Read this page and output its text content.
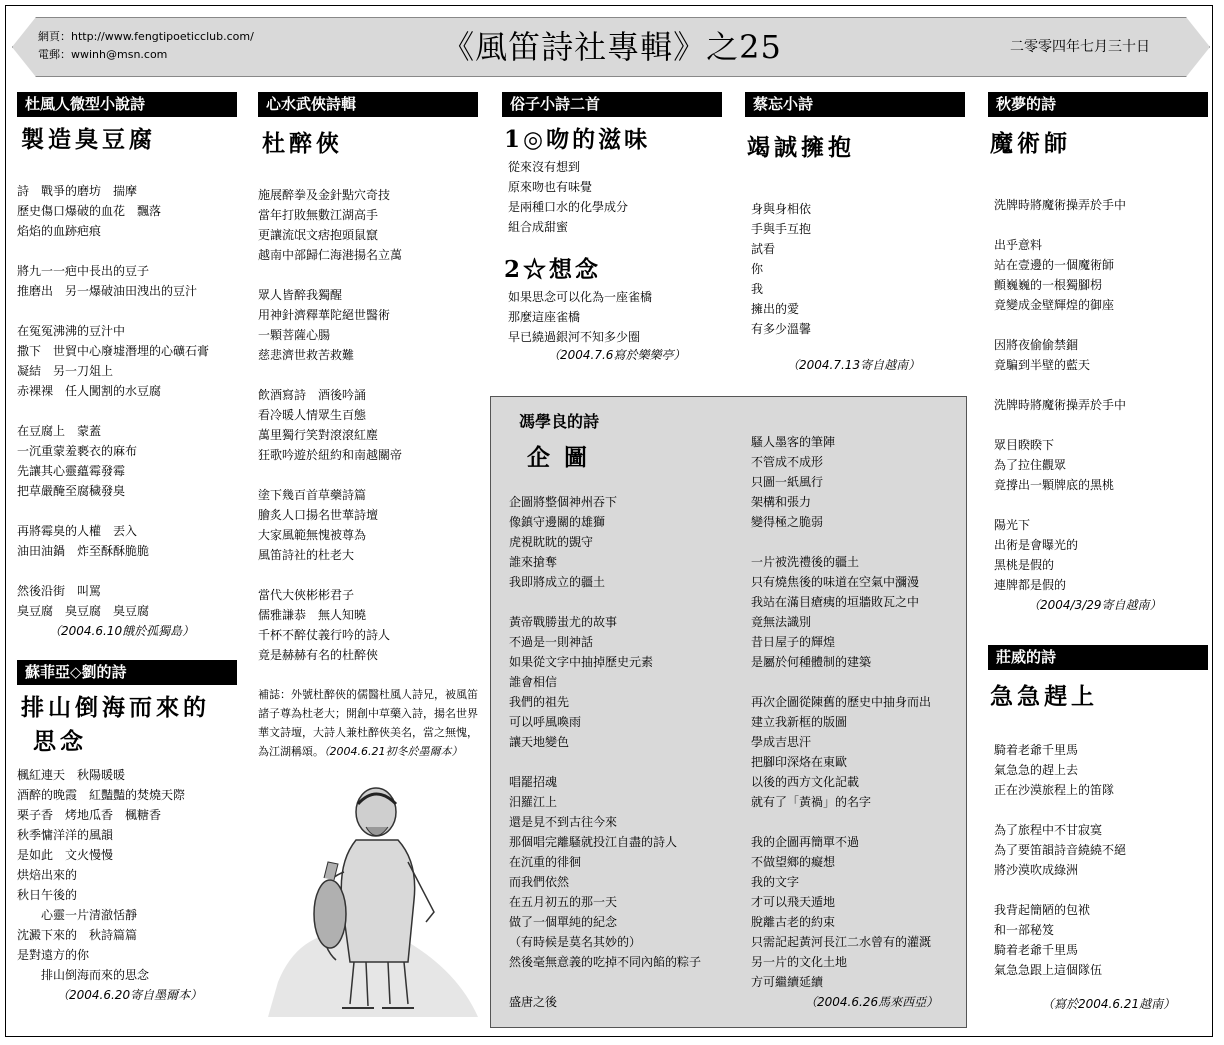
網頁：http://www.fengtipoeticclub.com/
電郵：wwinh@msn.com	《風笛詩社專輯》之25	二零零四年七月三十日
杜風人微型小說詩
製造臭豆腐
詩　戰爭的磨坊　揣摩
歷史傷口爆破的血花　飄落
焰焰的血跡疤痕
將九一一疤中長出的豆子
推磨出　另一爆破油田洩出的豆汁
在冤冤沸沸的豆汁中
撒下　世貿中心廢墟潛埋的心礦石膏
凝結　另一刀俎上
赤裸裸　任人闖割的水豆腐
在豆腐上　蒙蓋
一沉重蒙羞褻衣的麻布
先讓其心靈蘊霉發霉
把草嚴醃至腐穢發臭
再將霉臭的人權　丟入
油田油鍋　炸至酥酥脆脆
然後沿街　叫罵
臭豆腐　臭豆腐　臭豆腐
（2004.6.10餓於孤獨島）
蘇菲亞◇劉的詩
排山倒海而來的
思念
楓紅連天　秋陽暖暖
酒醉的晚霞　紅豔豔的焚燒天際
栗子香　烤地瓜香　楓糖香
秋季慵洋洋的風韻
是如此　文火慢慢
烘焙出來的
秋日午後的
　　心靈一片清澈恬靜
沈澱下來的　秋詩篇篇
是對遠方的你
　　排山倒海而來的思念
（2004.6.20寄自墨爾本）
心水武俠詩輯
杜醉俠
施展醉拳及金針點穴奇技
當年打敗無數江湖高手
更讓流氓文痞抱頭鼠竄
越南中部歸仁海港揚名立萬
眾人皆醉我獨醒
用神針濟釋華陀絕世醫術
一顆菩薩心腸
慈悲濟世救苦救難
飲酒寫詩　酒後吟誦
看冷暖人情眾生百態
萬里獨行笑對滾滾紅塵
狂歌吟遊於紐約和南越關帝
塗下幾百首草藥詩篇
膾炙人口揚名世華詩壇
大家風範無愧被尊為
風笛詩社的杜老大
當代大俠彬彬君子
儒雅謙恭　無人知曉
千杯不醉仗義行吟的詩人
竟是赫赫有名的杜醉俠
補誌：外號杜醉俠的儒醫杜風人詩兄，被風笛諸子尊為杜老大；開創中草藥入詩，揚名世界華文詩壇，大詩人兼杜醉俠美名，當之無愧，為江湖稱頌。（2004.6.21初冬於墨爾本）
俗子小詩二首
1◎吻的滋味
從來沒有想到
原來吻也有味覺
是兩種口水的化學成分
組合成甜蜜
2☆想念
如果思念可以化為一座雀橋
那麼這座雀橋
早已繞過銀河不知多少圈
（2004.7.6寫於樂樂亭）
蔡忘小詩
竭誠擁抱
身與身相依
手與手互抱
試看
你
我
擁出的愛
有多少溫馨
（2004.7.13寄自越南）
秋夢的詩
魔術師
洗牌時將魔術操弄於手中
出乎意料
站在壹邊的一個魔術師
顫巍巍的一根獨腳枴
竟變成金壁輝煌的御座
因將夜偷偷禁錮
竟騙到半壁的藍天
洗牌時將魔術操弄於手中
眾目睽睽下
為了拉住觀眾
竟撐出一顆牌底的黑桃
陽光下
出術是會曝光的
黑桃是假的
連牌都是假的
（2004/3/29寄自越南）
莊威的詩
急急趕上
騎着老爺千里馬
氣急急的趕上去
正在沙漠旅程上的笛隊
為了旅程中不甘寂寞
為了要笛韻詩音繞繞不絕
將沙漠吹成綠洲
我背起簡陋的包袱
和一部秘笈
騎着老爺千里馬
氣急急跟上這個隊伍
（寫於2004.6.21越南）
馮學良的詩
企圖
企圖將整個神州吞下
像鎮守邊關的雄獅
虎視眈眈的覬守
誰來搶奪
我即將成立的疆土
黃帝戰勝蚩尤的故事
不過是一則神話
如果從文字中抽掉歷史元素
誰會相信
我們的祖先
可以呼風喚雨
讓天地變色
唱罷招魂
汨羅江上
還是見不到古往今來
那個唱完離騷就投江自盡的詩人
在沉重的徘徊
而我們依然
在五月初五的那一天
做了一個單純的紀念
（有時候是莫名其妙的）
然後毫無意義的吃掉不同內餡的粽子
盛唐之後
騷人墨客的筆陣
不管成不成形
只圖一紙風行
架構和張力
變得極之脆弱
一片被洗禮後的疆土
只有燒焦後的味道在空氣中瀰漫
我站在滿目瘡痍的垣牆敗瓦之中
竟無法識別
昔日屋子的輝煌
是屬於何種體制的建築
再次企圖從陳舊的歷史中抽身而出
建立我新框的版圖
學成吉思汗
把腳印深烙在東歐
以後的西方文化記載
就有了「黃禍」的名字
我的企圖再簡單不過
不做望鄉的癡想
我的文字
才可以飛天遁地
脫離古老的約束
只需記起黃河長江二水曾有的灌溉
另一片的文化土地
方可繼續延續
（2004.6.26馬來西亞）
